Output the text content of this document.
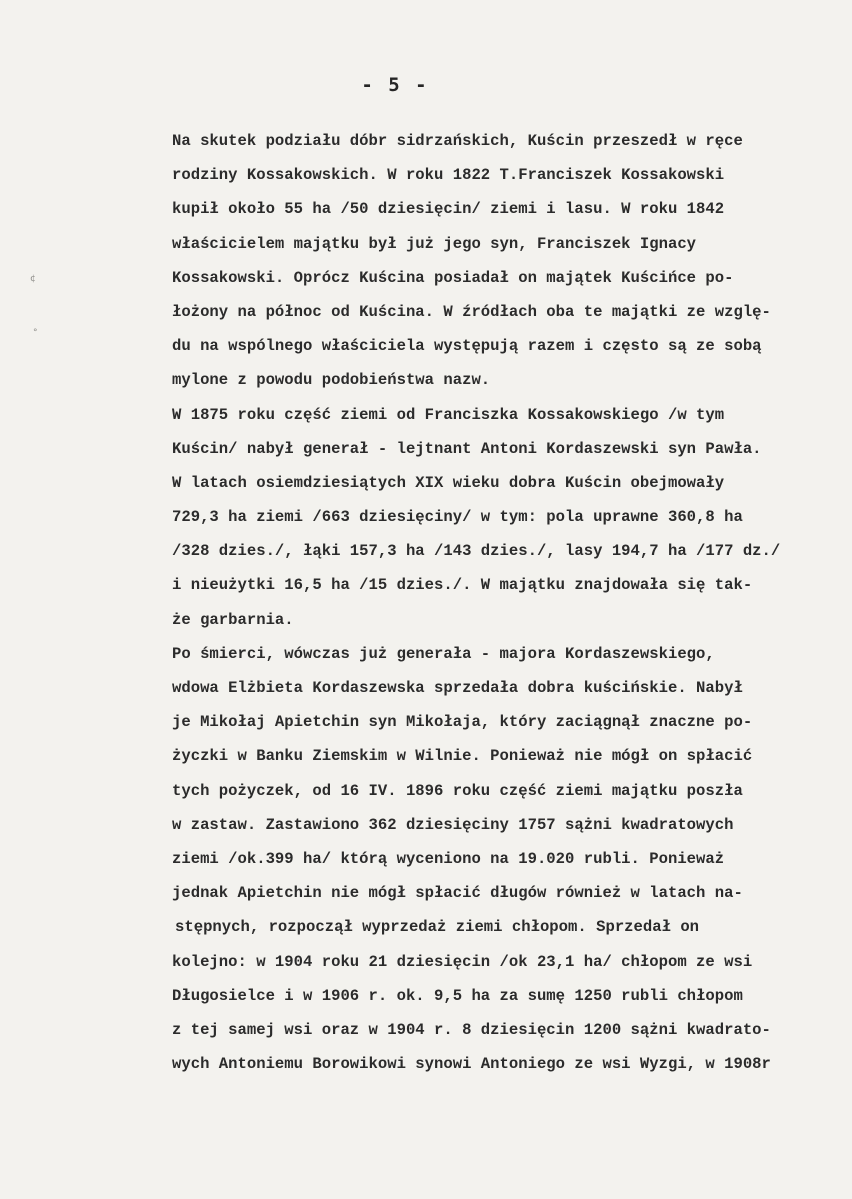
- 5 -
¢
°
Na skutek podziału dóbr sidrzańskich, Kuścin przeszedł w ręce
rodziny Kossakowskich. W roku 1822 T.Franciszek Kossakowski
kupił około 55 ha /50 dziesięcin/ ziemi i lasu. W roku 1842
właścicielem majątku był już jego syn, Franciszek Ignacy
Kossakowski. Oprócz Kuścina posiadał on majątek Kuścińce po-
łożony na północ od Kuścina. W źródłach oba te majątki ze wzglę-
du na wspólnego właściciela występują razem i często są ze sobą
mylone z powodu podobieństwa nazw.
W 1875 roku część ziemi od Franciszka Kossakowskiego /w tym
Kuścin/ nabył generał - lejtnant Antoni Kordaszewski syn Pawła.
W latach osiemdziesiątych XIX wieku dobra Kuścin obejmowały
729,3 ha ziemi /663 dziesięciny/ w tym: pola uprawne 360,8 ha
/328 dzies./, łąki 157,3 ha /143 dzies./, lasy 194,7 ha /177 dz./
i nieużytki 16,5 ha /15 dzies./. W majątku znajdowała się tak-
że garbarnia.
Po śmierci, wówczas już generała - majora Kordaszewskiego,
wdowa Elżbieta Kordaszewska sprzedała dobra kuścińskie. Nabył
je Mikołaj Apietchin syn Mikołaja, który zaciągnął znaczne po-
życzki w Banku Ziemskim w Wilnie. Ponieważ nie mógł on spłacić
tych pożyczek, od 16 IV. 1896 roku część ziemi majątku poszła
w zastaw. Zastawiono 362 dziesięciny 1757 sążni kwadratowych
ziemi /ok.399 ha/ którą wyceniono na 19.020 rubli. Ponieważ
jednak Apietchin nie mógł spłacić długów również w latach na-
stępnych, rozpoczął wyprzedaż ziemi chłopom. Sprzedał on
kolejno: w 1904 roku 21 dziesięcin /ok 23,1 ha/ chłopom ze wsi
Długosielce i w 1906 r. ok. 9,5 ha za sumę 1250 rubli chłopom
z tej samej wsi oraz w 1904 r. 8 dziesięcin 1200 sążni kwadrato-
wych Antoniemu Borowikowi synowi Antoniego ze wsi Wyzgi, w 1908r
